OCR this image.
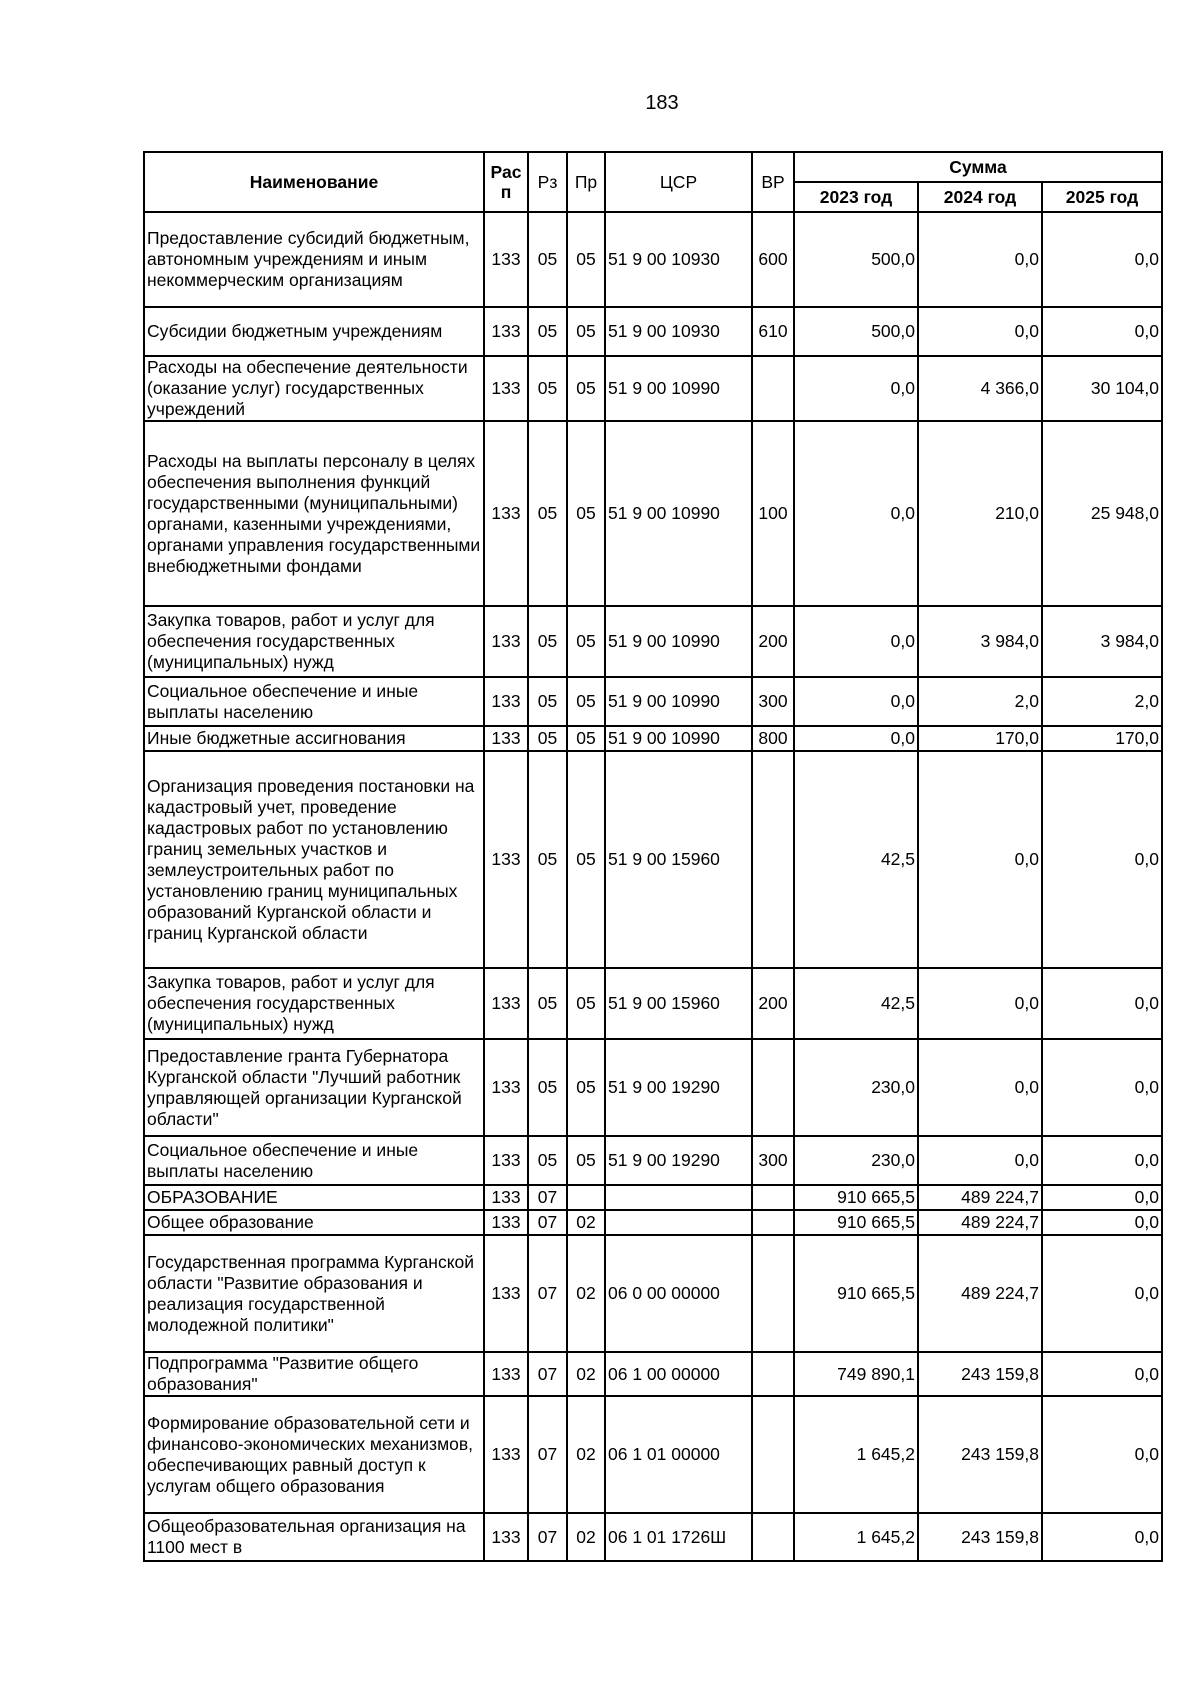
183
Наименование	Рас
п	Рз	Пр	ЦСР	ВР	Сумма		
						2023 год	2024 год	2025 год
Предоставление субсидий бюджетным, автономным учреждениям и иным некоммерческим организациям	133	05	05	51 9 00 10930	600	500,0	0,0	0,0
Субсидии бюджетным учреждениям	133	05	05	51 9 00 10930	610	500,0	0,0	0,0
Расходы на обеспечение деятельности (оказание услуг) государственных учреждений	133	05	05	51 9 00 10990		0,0	4 366,0	30 104,0
Расходы на выплаты персоналу в целях обеспечения выполнения функций государственными (муниципальными) органами, казенными учреждениями, органами управления государственными внебюджетными фондами	133	05	05	51 9 00 10990	100	0,0	210,0	25 948,0
Закупка товаров, работ и услуг для обеспечения государственных (муниципальных) нужд	133	05	05	51 9 00 10990	200	0,0	3 984,0	3 984,0
Социальное обеспечение и иные выплаты населению	133	05	05	51 9 00 10990	300	0,0	2,0	2,0
Иные бюджетные ассигнования	133	05	05	51 9 00 10990	800	0,0	170,0	170,0
Организация проведения постановки на кадастровый учет, проведение кадастровых работ по установлению границ земельных участков и землеустроительных работ по установлению границ муниципальных образований Курганской области и границ Курганской области	133	05	05	51 9 00 15960		42,5	0,0	0,0
Закупка товаров, работ и услуг для обеспечения государственных (муниципальных) нужд	133	05	05	51 9 00 15960	200	42,5	0,0	0,0
Предоставление гранта Губернатора Курганской области "Лучший работник управляющей организации Курганской области"	133	05	05	51 9 00 19290		230,0	0,0	0,0
Социальное обеспечение и иные выплаты населению	133	05	05	51 9 00 19290	300	230,0	0,0	0,0
ОБРАЗОВАНИЕ	133	07				910 665,5	489 224,7	0,0
Общее образование	133	07	02			910 665,5	489 224,7	0,0
Государственная программа Курганской области "Развитие образования и реализация государственной молодежной политики"	133	07	02	06 0 00 00000		910 665,5	489 224,7	0,0
Подпрограмма "Развитие общего образования"	133	07	02	06 1 00 00000		749 890,1	243 159,8	0,0
Формирование образовательной сети и финансово-экономических механизмов, обеспечивающих равный доступ к услугам общего образования	133	07	02	06 1 01 00000		1 645,2	243 159,8	0,0
Общеобразовательная организация на 1100 мест в	133	07	02	06 1 01 1726Ш		1 645,2	243 159,8	0,0
